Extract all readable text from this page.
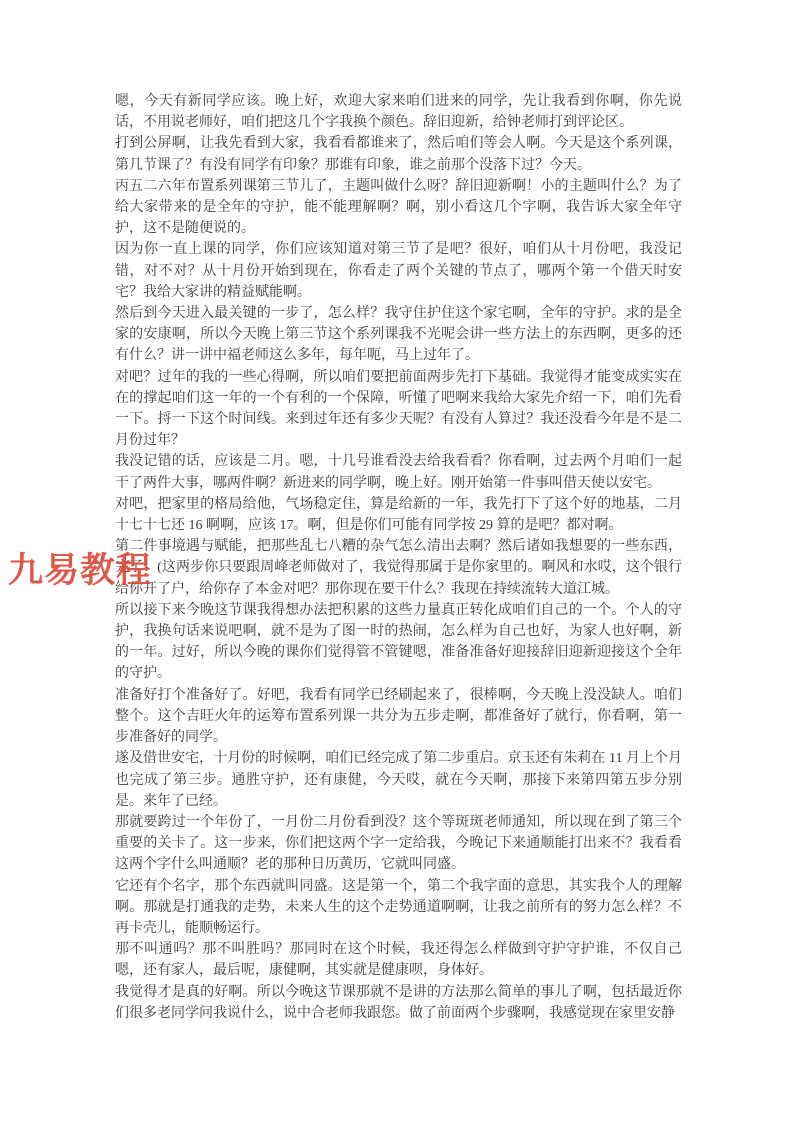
嗯，今天有新同学应该。晚上好，欢迎大家来咱们进来的同学，先让我看到你啊，你先说话，不用说老师好，咱们把这几个字我换个颜色。辞旧迎新，给钟老师打到评论区。

打到公屏啊，让我先看到大家，我看看都谁来了，然后咱们等会人啊。今天是这个系列课，第几节课了？有没有同学有印象？那谁有印象，谁之前那个没落下过？今天。

丙五二六年布置系列课第三节儿了，主题叫做什么呀？辞旧迎新啊！小的主题叫什么？为了给大家带来的是全年的守护，能不能理解啊？啊，别小看这几个字啊，我告诉大家全年守护，这不是随便说的。

因为你一直上课的同学，你们应该知道对第三节了是吧？很好，咱们从十月份吧，我没记错，对不对？从十月份开始到现在，你看走了两个关键的节点了，哪两个第一个借天时安宅？我给大家讲的精益赋能啊。

然后到今天进入最关键的一步了，怎么样？我守住护住这个家宅啊，全年的守护。求的是全家的安康啊，所以今天晚上第三节这个系列课我不光呢会讲一些方法上的东西啊，更多的还有什么？讲一讲中福老师这么多年，每年呃，马上过年了。

对吧？过年的我的一些心得啊，所以咱们要把前面两步先打下基础。我觉得才能变成实实在在的撑起咱们这一年的一个有利的一个保障，听懂了吧啊来我给大家先介绍一下，咱们先看一下。捋一下这个时间线。来到过年还有多少天呢？有没有人算过？我还没看今年是不是二月份过年？

我没记错的话，应该是二月。嗯，十几号谁看没去给我看看？你看啊，过去两个月咱们一起干了两件大事，哪两件啊？新进来的同学啊，晚上好。刚开始第一件事叫借天使以安宅。

对吧，把家里的格局给他，气场稳定住，算是给新的一年，我先打下了这个好的地基，二月十七十七还 16 啊啊，应该 17。啊，但是你们可能有同学按 29 算的是吧？都对啊。

第二件事境遇与赋能，把那些乱七八糟的杂气怎么清出去啊？然后诸如我想要的一些东西，完了！(这两步你只要跟周峰老师做对了，我觉得那属于是你家里的。啊风和水哎，这个银行给你开了户，给你存了本金对吧？那你现在要干什么？我现在持续流转大道江城。

所以接下来今晚这节课我得想办法把积累的这些力量真正转化成咱们自己的一个。个人的守护，我换句话来说吧啊，就不是为了图一时的热闹，怎么样为自己也好，为家人也好啊，新的一年。过好，所以今晚的课你们觉得管不管键嗯，准备准备好迎接辞旧迎新迎接这个全年的守护。

准备好打个准备好了。好吧，我看有同学已经刷起来了，很棒啊，今天晚上没没缺人。咱们整个。这个吉旺火年的运筹布置系列课一共分为五步走啊，都准备好了就行，你看啊，第一步准备好的同学。

遂及借世安宅，十月份的时候啊，咱们已经完成了第二步重启。京玉还有朱莉在 11 月上个月也完成了第三步。通胜守护，还有康健，今天哎，就在今天啊，那接下来第四第五步分别是。来年了已经。

那就要跨过一个年份了，一月份二月份看到没？这个等斑斑老师通知，所以现在到了第三个重要的关卡了。这一步来，你们把这两个字一定给我，今晚记下来通顺能打出来不？我看看这两个字什么叫通顺？老的那种日历黄历，它就叫同盛。

它还有个名字，那个东西就叫同盛。这是第一个，第二个我字面的意思，其实我个人的理解啊。那就是打通我的走势，未来人生的这个走势通道啊啊，让我之前所有的努力怎么样？不再卡壳儿，能顺畅运行。

那不叫通吗？那不叫胜吗？那同时在这个时候，我还得怎么样做到守护守护谁，不仅自己嗯，还有家人，最后呢，康健啊，其实就是健康呗，身体好。

我觉得才是真的好啊。所以今晚这节课那就不是讲的方法那么简单的事儿了啊，包括最近你们很多老同学问我说什么，说中合老师我跟您。做了前面两个步骤啊，我感觉现在家里安静

九易教程
